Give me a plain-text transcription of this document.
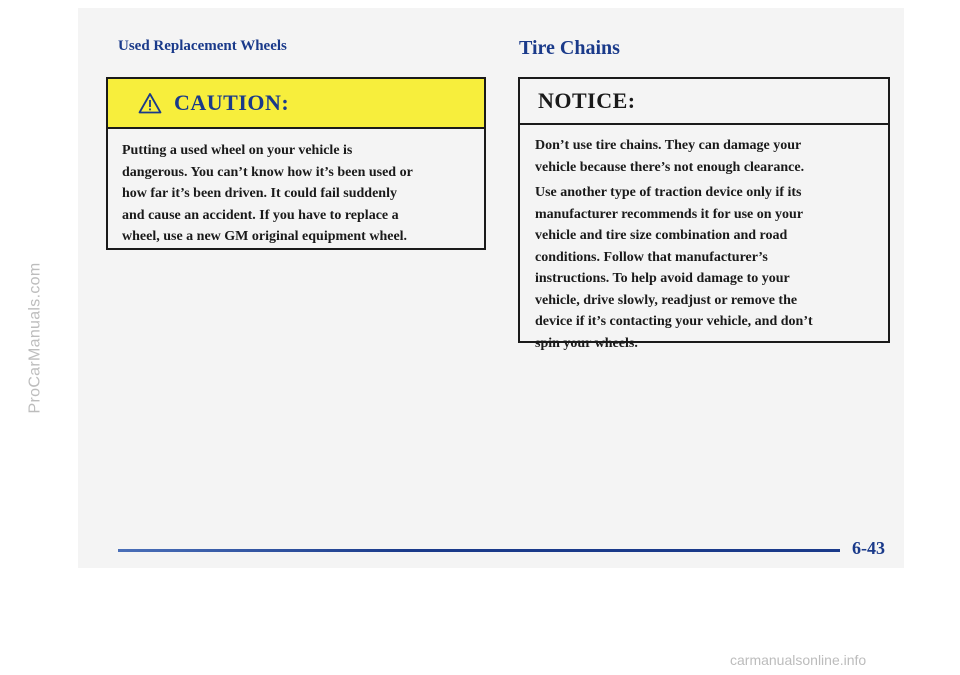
ProCarManuals.com
Used Replacement Wheels
CAUTION:
Putting a used wheel on your vehicle is
dangerous. You can’t know how it’s been used or
how far it’s been driven. It could fail suddenly
and cause an accident. If you have to replace a
wheel, use a new GM original equipment wheel.
Tire Chains
NOTICE:

Don’t use tire chains. They can damage your
vehicle because there’s not enough clearance.

Use another type of traction device only if its
manufacturer recommends it for use on your
vehicle and tire size combination and road
conditions. Follow that manufacturer’s
instructions. To help avoid damage to your
vehicle, drive slowly, readjust or remove the
device if it’s contacting your vehicle, and don’t
spin your wheels.

6-43
carmanualsonline.info
